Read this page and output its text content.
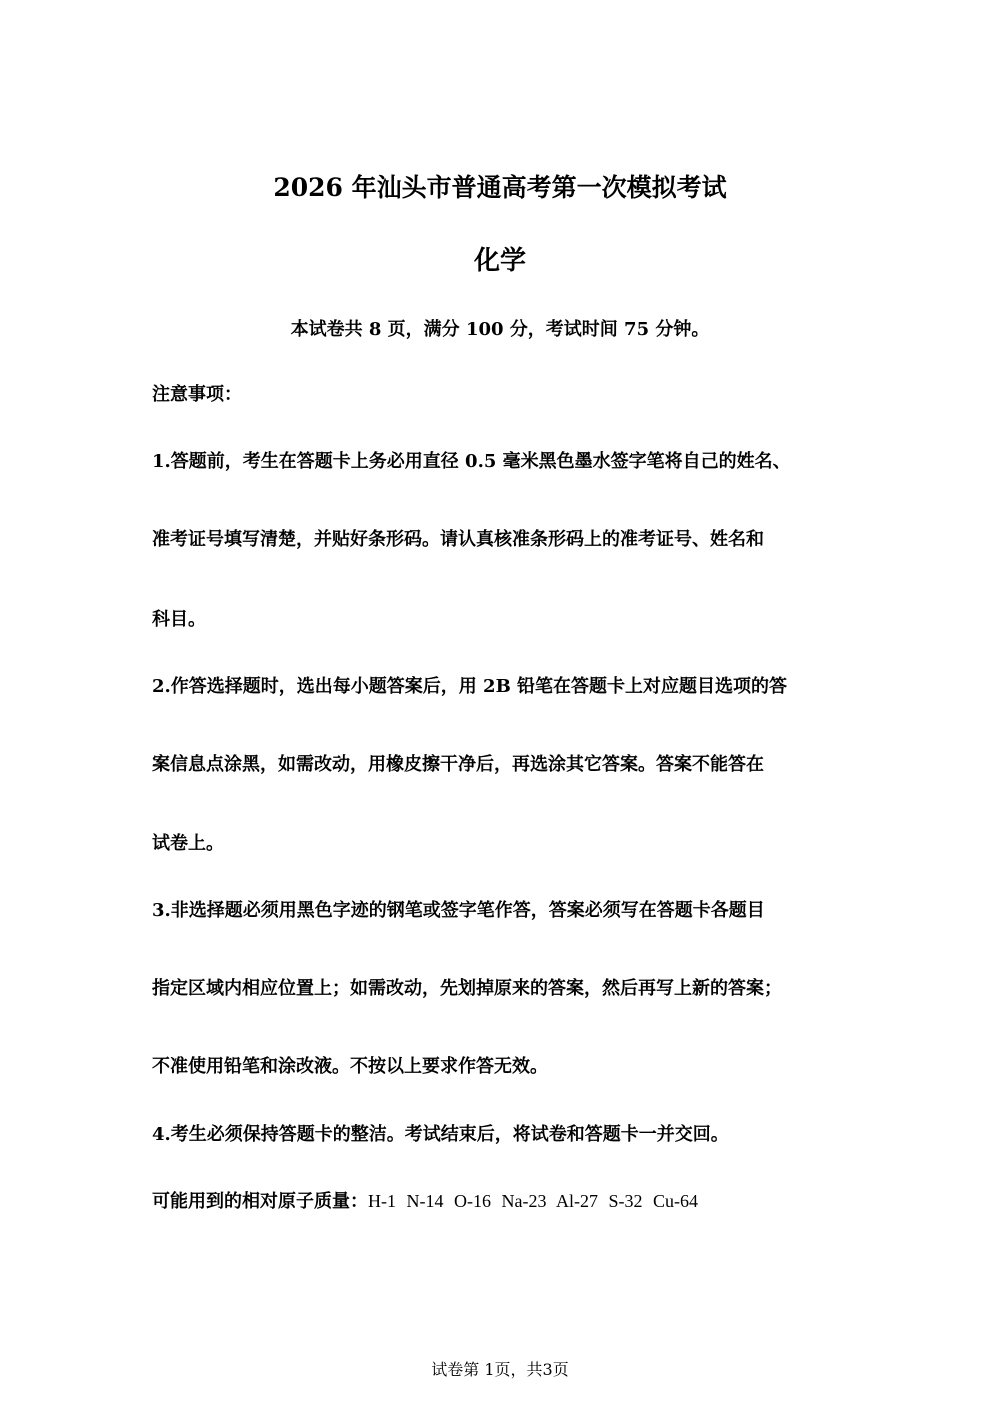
2026 年汕头市普通高考第一次模拟考试
化学
本试卷共 8 页，满分 100 分，考试时间 75 分钟。
注意事项：
1.答题前，考生在答题卡上务必用直径 0.5 毫米黑色墨水签字笔将自己的姓名、
准考证号填写清楚，并贴好条形码。请认真核准条形码上的准考证号、姓名和
科目。
2.作答选择题时，选出每小题答案后，用 2B 铅笔在答题卡上对应题目选项的答
案信息点涂黑，如需改动，用橡皮擦干净后，再选涂其它答案。答案不能答在
试卷上。
3.非选择题必须用黑色字迹的钢笔或签字笔作答，答案必须写在答题卡各题目
指定区域内相应位置上；如需改动，先划掉原来的答案，然后再写上新的答案；
不准使用铅笔和涂改液。不按以上要求作答无效。
4.考生必须保持答题卡的整洁。考试结束后，将试卷和答题卡一并交回。
可能用到的相对原子质量：H-1 N-14 O-16 Na-23 Al-27 S-32 Cu-64
试卷第 1页，共3页
